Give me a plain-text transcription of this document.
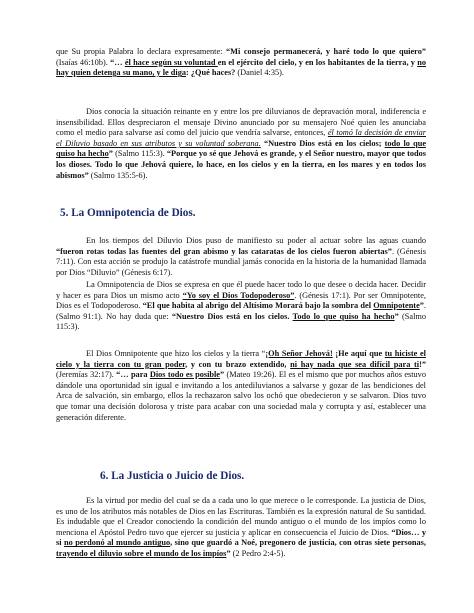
que Su propia Palabra lo declara expresamente: “Mi consejo permanecerá, y haré todo lo que quiero” (Isaías 46:10b). “… él hace según su voluntad en el ejército del cielo, y en los habitantes de la tierra, y no hay quien detenga su mano, y le diga: ¿Qué haces? (Daniel 4:35).

Dios conocía la situación reinante en y entre los pre diluvianos de depravación moral, indiferencia e insensibilidad. Ellos despreciaron el mensaje Divino anunciado por su mensajero Noé quien les anunciaba como el medio para salvarse así como del juicio que vendría salvarse, entonces, él tomó la decisión de enviar el Diluvio basado en sus atributos y su voluntad soberana. “Nuestro Dios está en los cielos; todo lo que quiso ha hecho” (Salmo 115:3). “Porque yo sé que Jehová es grande, y el Señor nuestro, mayor que todos los dioses. Todo lo que Jehová quiere, lo hace, en los cielos y en la tierra, en los mares y en todos los abismos” (Salmo 135:5-6).

5. La Omnipotencia de Dios.

En los tiempos del Diluvio Dios puso de manifiesto su poder al actuar sobre las aguas cuando “fueron rotas todas las fuentes del gran abismo y las cataratas de los cielos fueron abiertas”. (Génesis 7:11). Con esta acción se produjo la catástrofe mundial jamás conocida en la historia de la humanidad llamada por Dios “Diluvio” (Génesis 6:17).

La Omnipotencia de Dios se expresa en que él puede hacer todo lo que desee o decida hacer. Decidir y hacer es para Dios un mismo acto “Yo soy el Dios Todopoderoso”. (Génesis 17:1). Por ser Omnipotente, Dios es el Todopoderoso. “El que habita al abrigo del Altísimo Morará bajo la sombra del Omnipotente”. (Salmo 91:1). No hay duda que: “Nuestro Dios está en los cielos. Todo lo que quiso ha hecho” (Salmo 115:3).

El Dios Omnipotente que hizo los cielos y la tierra “¡Oh Señor Jehová! ¡He aquí que tu hiciste el cielo y la tierra con tu gran poder, y con tu brazo extendido, ni hay nada que sea difícil para ti!” (Jeremías 32:17). “… para Dios todo es posible” (Mateo 19:26). El es el mismo que por muchos años estuvo dándole una oportunidad sin igual e invitando a los antediluvianos a salvarse y gozar de las bendiciones del Arca de salvación, sin embargo, ellos la rechazaron salvo los ochó que obedecieron y se salvaron. Dios tuvo que tomar una decisión dolorosa y triste para acabar con una sociedad mala y corrupta y así, establecer una generación diferente.

6. La Justicia o Juicio de Dios.

Es la virtud por medio del cual se da a cada uno lo que merece o le corresponde. La justicia de Dios, es uno de los atributos más notables de Dios en las Escrituras. También es la expresión natural de Su santidad. Es indudable que el Creador conociendo la condición del mundo antiguo o el mundo de los impíos como lo menciona el Apóstol Pedro tuvo que ejercer su justicia y aplicar en consecuencia el Juicio de Dios. “Dios… y si no perdonó al mundo antiguo, sino que guardó a Noé, pregonero de justicia, con otras siete personas, trayendo el diluvio sobre el mundo de los impíos” (2 Pedro 2:4-5).
